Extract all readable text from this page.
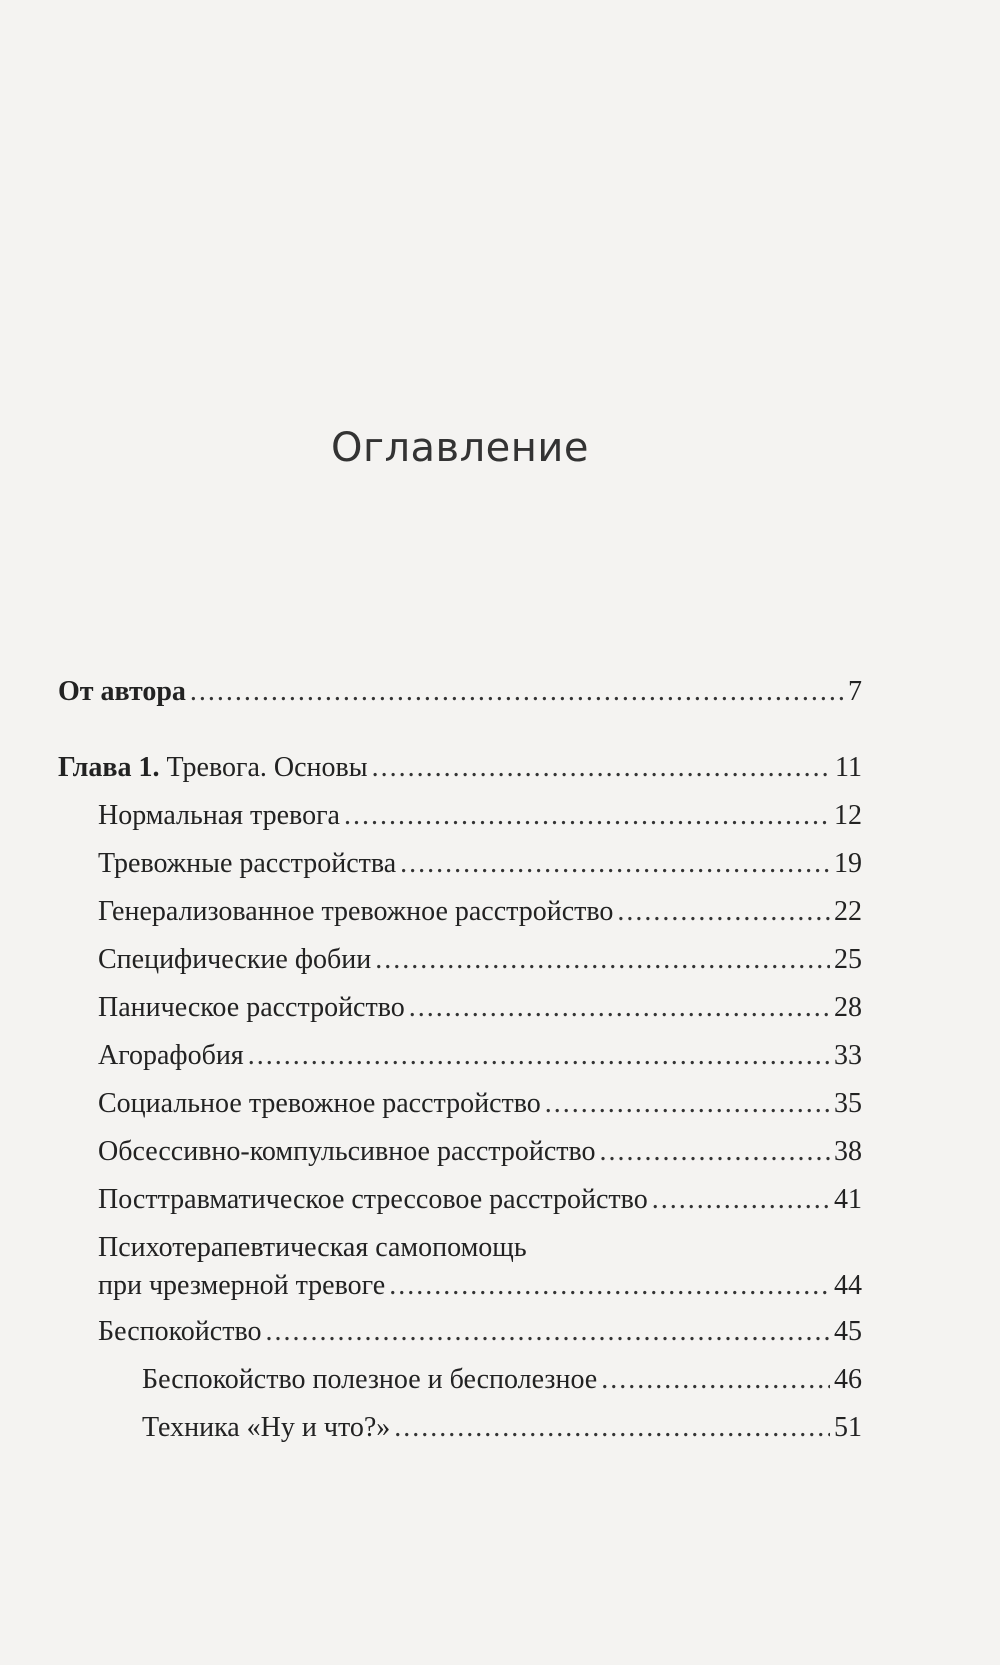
Оглавление
От автора .....	7
Глава 1. Тревога. Основы .....	11
Нормальная тревога .....	12
Тревожные расстройства .....	19
Генерализованное тревожное расстройство .....	22
Специфические фобии .....	25
Паническое расстройство .....	28
Агорафобия .....	33
Социальное тревожное расстройство .....	35
Обсессивно-компульсивное расстройство .....	38
Посттравматическое стрессовое расстройство .....	41
Психотерапевтическая самопомощь
при чрезмерной тревоге .....	44
Беспокойство .....	45
Беспокойство полезное и бесполезное .....	46
Техника «Ну и что?» .....	51
